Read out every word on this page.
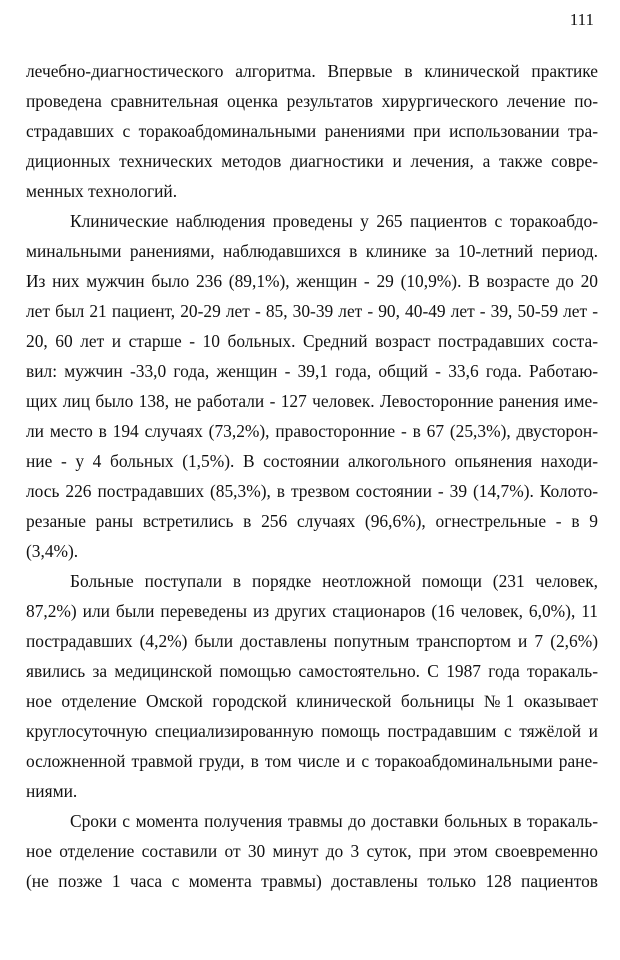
111
лечебно-диагностического алгоритма. Впервые в клинической практике
проведена сравнительная оценка результатов хирургического лечение по-
страдавших с торакоабдоминальными ранениями при использовании тра-
диционных технических методов диагностики и лечения, а также совре-
менных технологий.
Клинические наблюдения проведены у 265 пациентов с торакоабдо-
минальными ранениями, наблюдавшихся в клинике за 10-летний период.
Из них мужчин было 236 (89,1%), женщин - 29 (10,9%). В возрасте до 20
лет был 21 пациент, 20-29 лет - 85, 30-39 лет - 90, 40-49 лет - 39, 50-59 лет -
20, 60 лет и старше - 10 больных. Средний возраст пострадавших соста-
вил: мужчин -33,0 года, женщин - 39,1 года, общий - 33,6 года. Работаю-
щих лиц было 138, не работали - 127 человек. Левосторонние ранения име-
ли место в 194 случаях (73,2%), правосторонние - в 67 (25,3%), двусторон-
ние - у 4 больных (1,5%). В состоянии алкогольного опьянения находи-
лось 226 пострадавших (85,3%), в трезвом состоянии - 39 (14,7%). Колото-
резаные раны встретились в 256 случаях (96,6%), огнестрельные - в 9
(3,4%).
Больные поступали в порядке неотложной помощи (231 человек,
87,2%) или были переведены из других стационаров (16 человек, 6,0%), 11
пострадавших (4,2%) были доставлены попутным транспортом и 7 (2,6%)
явились за медицинской помощью самостоятельно. С 1987 года торакаль-
ное отделение Омской городской клинической больницы №1 оказывает
круглосуточную специализированную помощь пострадавшим с тяжёлой и
осложненной травмой груди, в том числе и с торакоабдоминальными ране-
ниями.
Сроки с момента получения травмы до доставки больных в торакаль-
ное отделение составили от 30 минут до 3 суток, при этом своевременно
(не позже 1 часа с момента травмы) доставлены только 128 пациентов
